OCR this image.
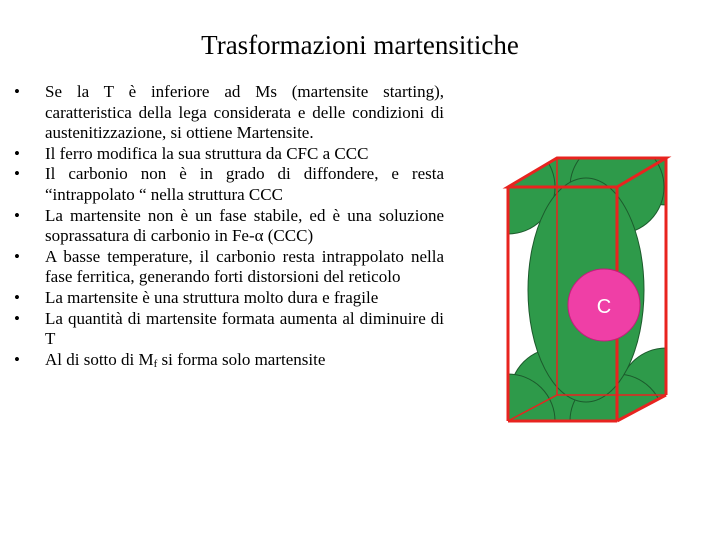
Trasformazioni martensitiche
• Se la T è inferiore ad Ms (martensite starting), caratteristica della lega considerata e delle condizioni di austenitizzazione, si ottiene Martensite.
• Il ferro modifica la sua struttura da CFC a CCC
• Il carbonio non è in grado di diffondere, e resta “intrappolato “ nella struttura CCC
• La martensite non è un fase stabile, ed è una soluzione soprassatura di carbonio in Fe-α (CCC)
• A basse temperature, il carbonio resta intrappolato nella fase ferritica, generando forti distorsioni del reticolo
• La martensite è una struttura molto dura e fragile
• La quantità di martensite formata aumenta al diminuire di T
• Al di sotto di $M_f$ si forma solo martensite
C
